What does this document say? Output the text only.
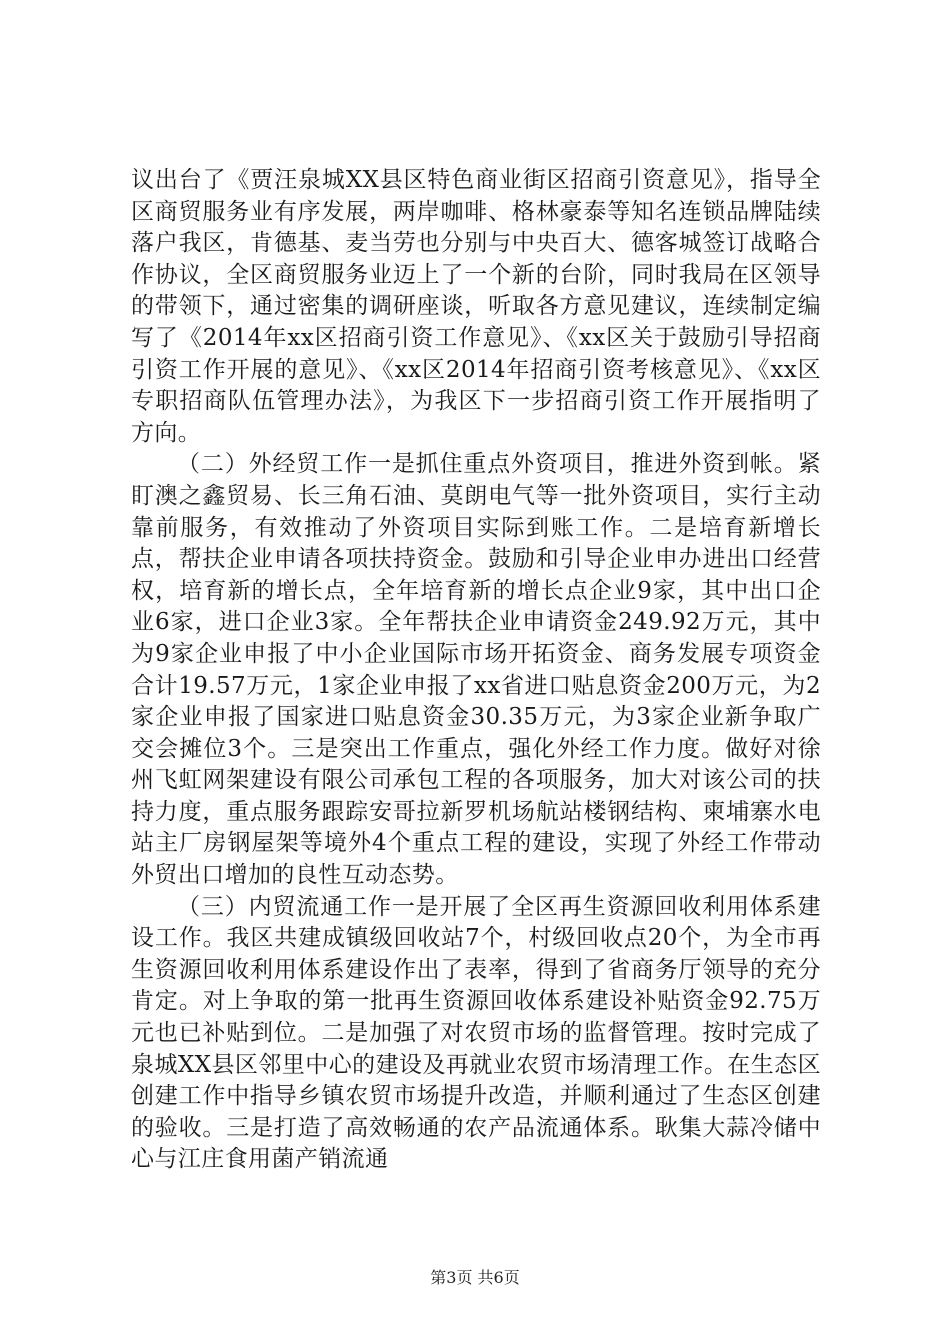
议出台了《贾汪泉城XX县区特色商业街区招商引资意见》，指导全区商贸服务业有序发展，两岸咖啡、格林豪泰等知名连锁品牌陆续落户我区，肯德基、麦当劳也分别与中央百大、德客城签订战略合作协议，全区商贸服务业迈上了一个新的台阶，同时我局在区领导的带领下，通过密集的调研座谈，听取各方意见建议，连续制定编写了《2014年xx区招商引资工作意见》、《xx区关于鼓励引导招商引资工作开展的意见》、《xx区2014年招商引资考核意见》、《xx区专职招商队伍管理办法》，为我区下一步招商引资工作开展指明了方向。

（二）外经贸工作一是抓住重点外资项目，推进外资到帐。紧盯澳之鑫贸易、长三角石油、莫朗电气等一批外资项目，实行主动靠前服务，有效推动了外资项目实际到账工作。二是培育新增长点，帮扶企业申请各项扶持资金。鼓励和引导企业申办进出口经营权，培育新的增长点，全年培育新的增长点企业9家，其中出口企业6家，进口企业3家。全年帮扶企业申请资金249.92万元，其中为9家企业申报了中小企业国际市场开拓资金、商务发展专项资金合计19.57万元，1家企业申报了xx省进口贴息资金200万元，为2家企业申报了国家进口贴息资金30.35万元，为3家企业新争取广交会摊位3个。三是突出工作重点，强化外经工作力度。做好对徐州飞虹网架建设有限公司承包工程的各项服务，加大对该公司的扶持力度，重点服务跟踪安哥拉新罗机场航站楼钢结构、柬埔寨水电站主厂房钢屋架等境外4个重点工程的建设，实现了外经工作带动外贸出口增加的良性互动态势。

（三）内贸流通工作一是开展了全区再生资源回收利用体系建设工作。我区共建成镇级回收站7个，村级回收点20个，为全市再生资源回收利用体系建设作出了表率，得到了省商务厅领导的充分肯定。对上争取的第一批再生资源回收体系建设补贴资金92.75万元也已补贴到位。二是加强了对农贸市场的监督管理。按时完成了泉城XX县区邻里中心的建设及再就业农贸市场清理工作。在生态区创建工作中指导乡镇农贸市场提升改造，并顺利通过了生态区创建的验收。三是打造了高效畅通的农产品流通体系。耿集大蒜冷储中心与江庄食用菌产销流通

第3页 共6页
